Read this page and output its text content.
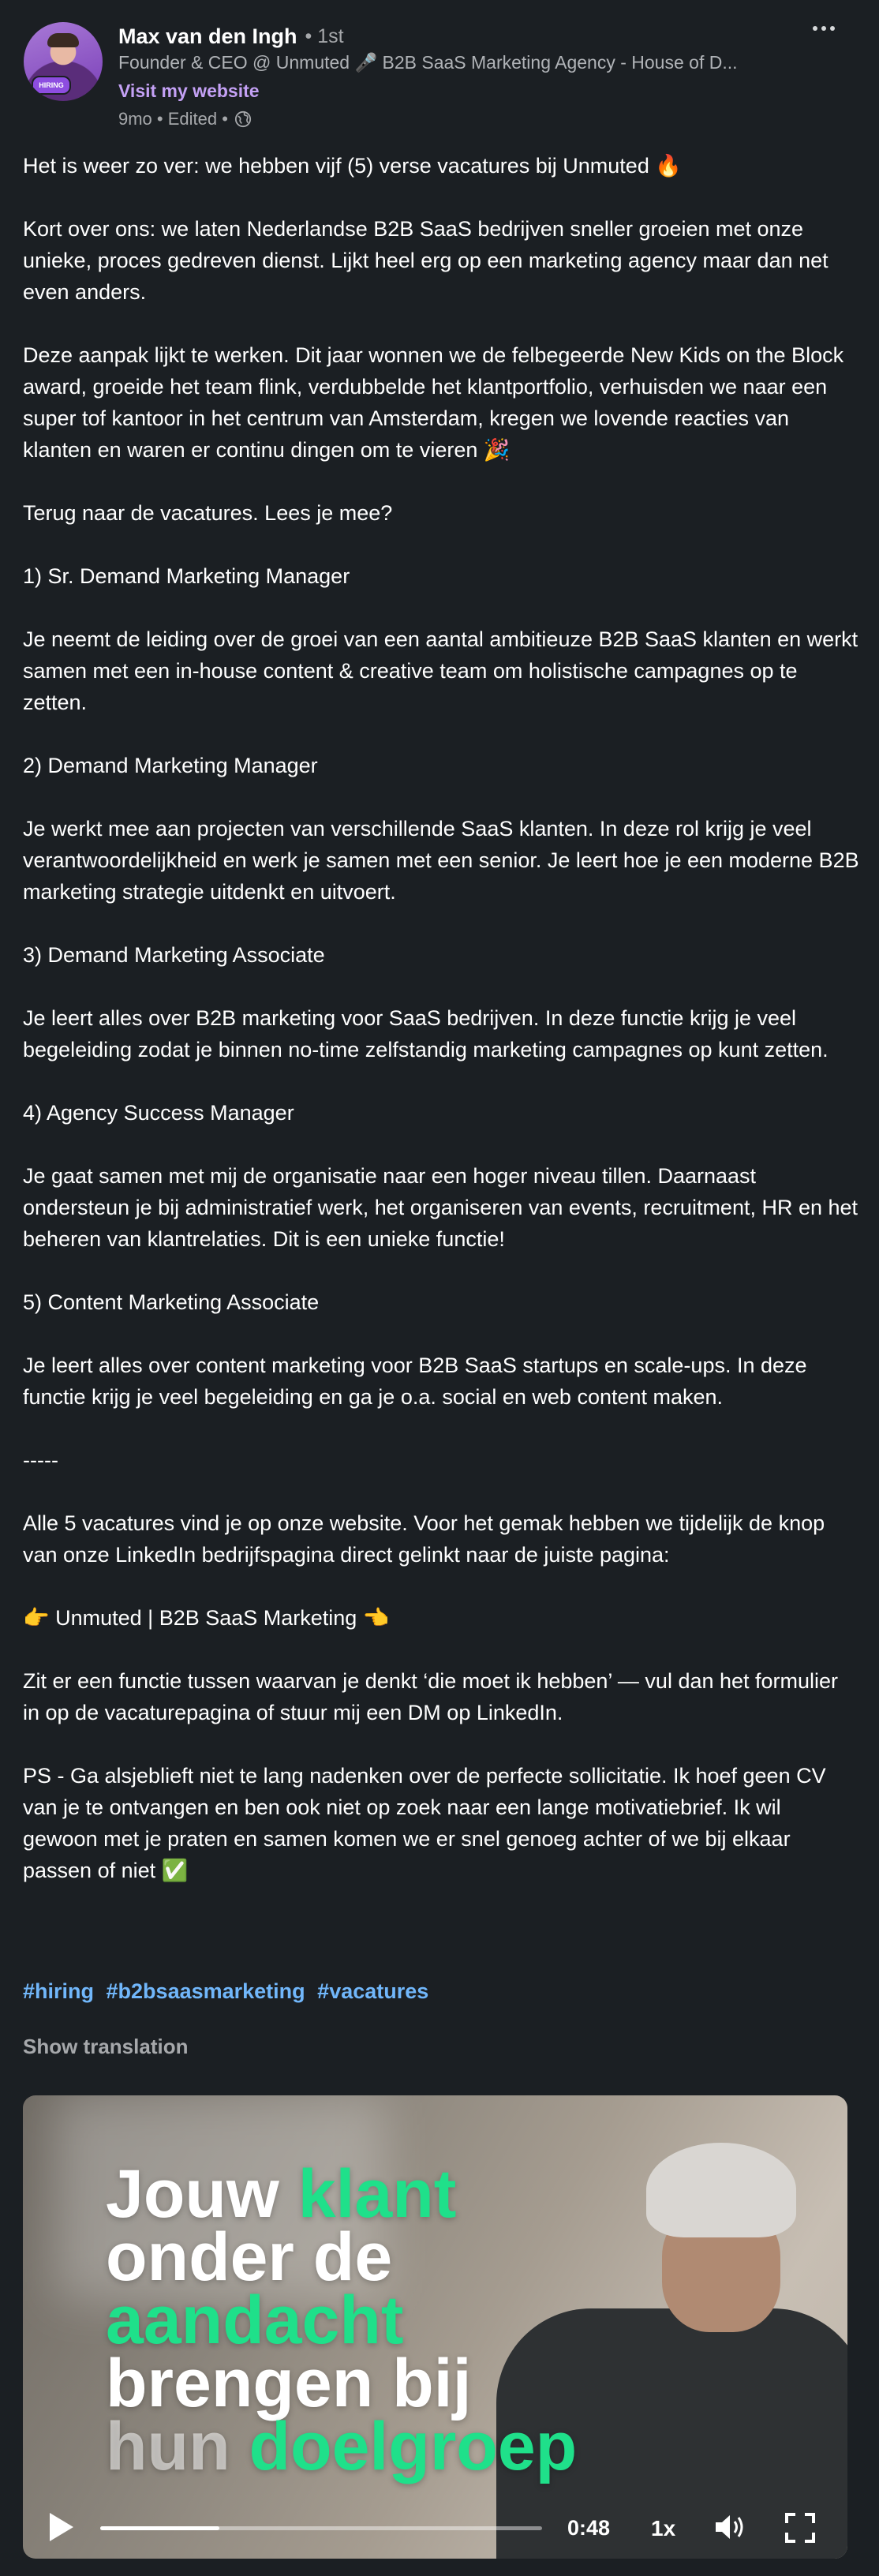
HIRING
Max van den Ingh • 1st
Founder & CEO @ Unmuted 🎤 B2B SaaS Marketing Agency - House of D...
Visit my website
9mo • Edited •

Het is weer zo ver: we hebben vijf (5) verse vacatures bij Unmuted 🔥

Kort over ons: we laten Nederlandse B2B SaaS bedrijven sneller groeien met onze unieke, proces gedreven dienst. Lijkt heel erg op een marketing agency maar dan net even anders.

Deze aanpak lijkt te werken. Dit jaar wonnen we de felbegeerde New Kids on the Block award, groeide het team flink, verdubbelde het klantportfolio, verhuisden we naar een super tof kantoor in het centrum van Amsterdam, kregen we lovende reacties van klanten en waren er continu dingen om te vieren 🎉

Terug naar de vacatures. Lees je mee?

1) Sr. Demand Marketing Manager

Je neemt de leiding over de groei van een aantal ambitieuze B2B SaaS klanten en werkt samen met een in-house content & creative team om holistische campagnes op te zetten.

2) Demand Marketing Manager

Je werkt mee aan projecten van verschillende SaaS klanten. In deze rol krijg je veel verantwoordelijkheid en werk je samen met een senior. Je leert hoe je een moderne B2B marketing strategie uitdenkt en uitvoert.

3) Demand Marketing Associate

Je leert alles over B2B marketing voor SaaS bedrijven. In deze functie krijg je veel begeleiding zodat je binnen no-time zelfstandig marketing campagnes op kunt zetten.

4) Agency Success Manager

Je gaat samen met mij de organisatie naar een hoger niveau tillen. Daarnaast ondersteun je bij administratief werk, het organiseren van events, recruitment, HR en het beheren van klantrelaties. Dit is een unieke functie!

5) Content Marketing Associate

Je leert alles over content marketing voor B2B SaaS startups en scale-ups. In deze functie krijg je veel begeleiding en ga je o.a. social en web content maken.

-----

Alle 5 vacatures vind je op onze website. Voor het gemak hebben we tijdelijk de knop van onze LinkedIn bedrijfspagina direct gelinkt naar de juiste pagina:

👉 Unmuted | B2B SaaS Marketing 👈

Zit er een functie tussen waarvan je denkt ‘die moet ik hebben’ — vul dan het formulier in op de vacaturepagina of stuur mij een DM op LinkedIn.

PS - Ga alsjeblieft niet te lang nadenken over de perfecte sollicitatie. Ik hoef geen CV van je te ontvangen en ben ook niet op zoek naar een lange motivatiebrief. Ik wil gewoon met je praten en samen komen we er snel genoeg achter of we bij elkaar passen of niet ✅

#hiring #b2bsaasmarketing #vacatures
Show translation
Jouw klant
onder de
aandacht
brengen bij
hun doelgroep
0:48 1x
